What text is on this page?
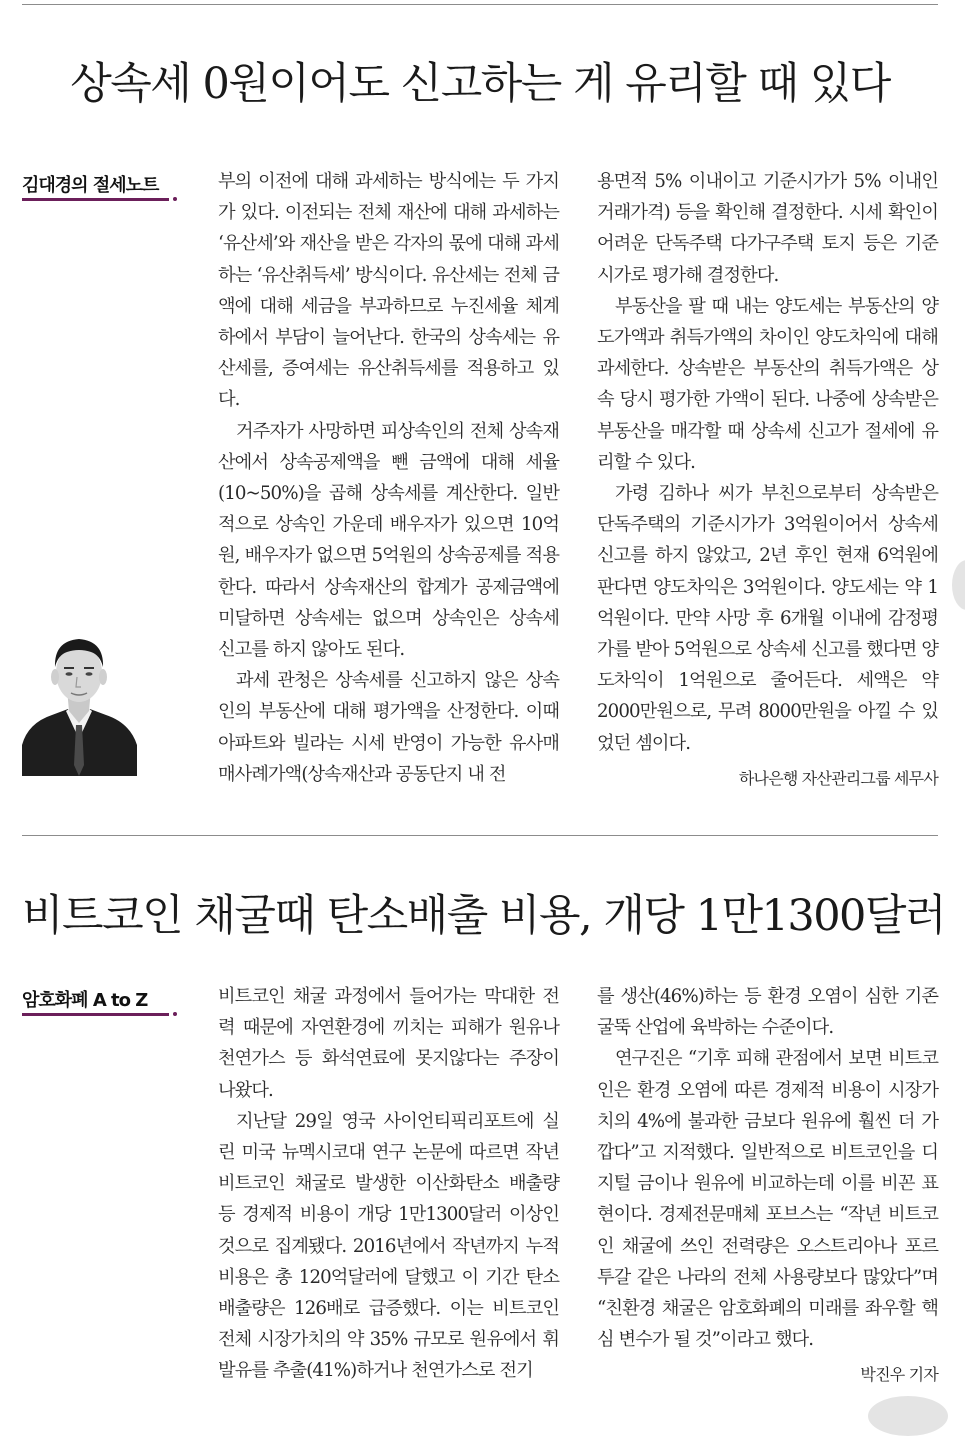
상속세 0원이어도 신고하는 게 유리할 때 있다
김대경의 절세노트	부의 이전에 대해 과세하는 방식에는 두 가지가 있다. 이전되는 전체 재산에 대해 과세하는 ‘유산세’와 재산을 받은 각자의 몫에 대해 과세하는 ‘유산취득세’ 방식이다. 유산세는 전체 금액에 대해 세금을 부과하므로 누진세율 체계하에서 부담이 늘어난다. 한국의 상속세는 유산세를, 증여세는 유산취득세를 적용하고 있다.

거주자가 사망하면 피상속인의 전체 상속재산에서 상속공제액을 뺀 금액에 대해 세율(10~50%)을 곱해 상속세를 계산한다. 일반적으로 상속인 가운데 배우자가 있으면 10억원, 배우자가 없으면 5억원의 상속공제를 적용한다. 따라서 상속재산의 합계가 공제금액에 미달하면 상속세는 없으며 상속인은 상속세 신고를 하지 않아도 된다.

과세 관청은 상속세를 신고하지 않은 상속인의 부동산에 대해 평가액을 산정한다. 이때 아파트와 빌라는 시세 반영이 가능한 유사매매사례가액(상속재산과 공동단지 내 전

용면적 5% 이내이고 기준시가가 5% 이내인 거래가격) 등을 확인해 결정한다. 시세 확인이 어려운 단독주택 다가구주택 토지 등은 기준시가로 평가해 결정한다.

부동산을 팔 때 내는 양도세는 부동산의 양도가액과 취득가액의 차이인 양도차익에 대해 과세한다. 상속받은 부동산의 취득가액은 상속 당시 평가한 가액이 된다. 나중에 상속받은 부동산을 매각할 때 상속세 신고가 절세에 유리할 수 있다.

가령 김하나 씨가 부친으로부터 상속받은 단독주택의 기준시가가 3억원이어서 상속세 신고를 하지 않았고, 2년 후인 현재 6억원에 판다면 양도차익은 3억원이다. 양도세는 약 1억원이다. 만약 사망 후 6개월 이내에 감정평가를 받아 5억원으로 상속세 신고를 했다면 양도차익이 1억원으로 줄어든다. 세액은 약 2000만원으로, 무려 8000만원을 아낄 수 있었던 셈이다.

하나은행 자산관리그룹 세무사
비트코인 채굴때 탄소배출 비용, 개당 1만1300달러
암호화폐 A to Z	비트코인 채굴 과정에서 들어가는 막대한 전력 때문에 자연환경에 끼치는 피해가 원유나 천연가스 등 화석연료에 못지않다는 주장이 나왔다.

지난달 29일 영국 사이언티픽리포트에 실린 미국 뉴멕시코대 연구 논문에 따르면 작년 비트코인 채굴로 발생한 이산화탄소 배출량 등 경제적 비용이 개당 1만1300달러 이상인 것으로 집계됐다. 2016년에서 작년까지 누적 비용은 총 120억달러에 달했고 이 기간 탄소배출량은 126배로 급증했다. 이는 비트코인 전체 시장가치의 약 35% 규모로 원유에서 휘발유를 추출(41%)하거나 천연가스로 전기

를 생산(46%)하는 등 환경 오염이 심한 기존 굴뚝 산업에 육박하는 수준이다.

연구진은 “기후 피해 관점에서 보면 비트코인은 환경 오염에 따른 경제적 비용이 시장가치의 4%에 불과한 금보다 원유에 훨씬 더 가깝다”고 지적했다. 일반적으로 비트코인을 디지털 금이나 원유에 비교하는데 이를 비꼰 표현이다. 경제전문매체 포브스는 “작년 비트코인 채굴에 쓰인 전력량은 오스트리아나 포르투갈 같은 나라의 전체 사용량보다 많았다”며 “친환경 채굴은 암호화폐의 미래를 좌우할 핵심 변수가 될 것”이라고 했다.

박진우 기자
